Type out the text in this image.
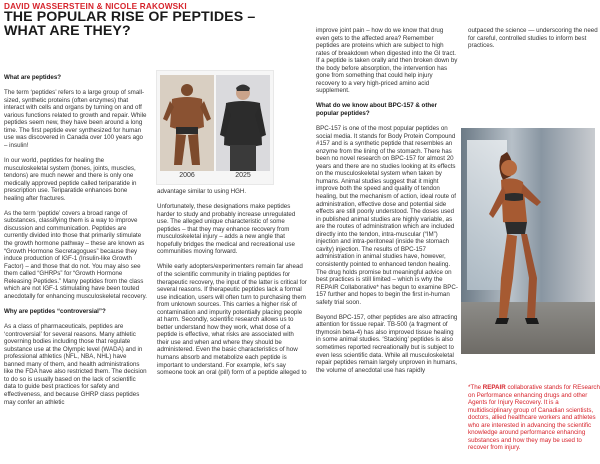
DAVID WASSERSTEIN & NICOLE RAKOWSKI
THE POPULAR RISE OF PEPTIDES –
WHAT ARE THEY?

What are peptides?

The term ‘peptides’ refers to a large group of small-sized, synthetic proteins (often enzymes) that interact with cells and organs by turning on and off various functions related to growth and repair. While peptides seem new, they have been around a long time. The first peptide ever synthesized for human use was discovered in Canada over 100 years ago – insulin!

In our world, peptides for healing the musculoskeletal system (bones, joints, muscles, tendons) are much newer and there is only one medically approved peptide called teriparatide in prescription use. Teriparatide enhances bone healing after fractures.

As the term ‘peptide’ covers a broad range of substances, classifying them is a way to improve discussion and communication. Peptides are currently divided into those that primarily stimulate the growth hormone pathway – these are known as “Growth Hormone Secretagogues” because they induce production of IGF-1 (Insulin-like Growth Factor) – and those that do not. You may also see them called “GHRPs” for “Growth Hormone Releasing Peptides.” Many peptides from the class which are not IGF-1 stimulating have been touted anecdotally for enhancing musculoskeletal recovery.

Why are peptides “controversial”?

As a class of pharmaceuticals, peptides are ‘controversial’ for several reasons. Many athletic governing bodies including those that regulate substance use at the Olympic level (WADA) and in professional athletics (NFL, NBA, NHL) have banned many of them, and health administrations like the FDA have also restricted them. The decision to do so is usually based on the lack of scientific data to guide best practices for safety and effectiveness, and because GHRP class peptides may confer an athletic

2006	2025

advantage similar to using HGH.

Unfortunately, these designations make peptides harder to study and probably increase unregulated use. The alleged unique characteristic of some peptides – that they may enhance recovery from musculoskeletal injury – adds a new angle that hopefully bridges the medical and recreational use communities moving forward.

While early adopters/experimenters remain far ahead of the scientific community in trialing peptides for therapeutic recovery, the input of the latter is critical for several reasons. If therapeutic peptides lack a formal use indication, users will often turn to purchasing them from unknown sources. This carries a higher risk of contamination and impurity potentially placing people at harm. Secondly, scientific research allows us to better understand how they work, what dose of a peptide is effective, what risks are associated with their use and when and where they should be administered. Even the basic characteristics of how humans absorb and metabolize each peptide is important to understand. For example, let’s say someone took an oral (pill) form of a peptide alleged to

improve joint pain – how do we know that drug even gets to the affected area? Remember peptides are proteins which are subject to high rates of breakdown when digested into the GI tract. If a peptide is taken orally and then broken down by the body before absorption, the intervention has gone from something that could help injury recovery to a very high-priced amino acid supplement.

What do we know about BPC-157 & other popular peptides?

BPC-157 is one of the most popular peptides on social media. It stands for Body Protein Compound #157 and is a synthetic peptide that resembles an enzyme from the lining of the stomach. There has been no novel research on BPC-157 for almost 20 years and there are no studies looking at its effects on the musculoskeletal system when taken by humans. Animal studies suggest that it might improve both the speed and quality of tendon healing, but the mechanism of action, ideal route of administration, effective dose and potential side effects are still poorly understood. The doses used in published animal studies are highly variable, as are the routes of administration which are included directly into the tendon, intra-muscular (“IM”) injection and intra-peritoneal (inside the stomach cavity) injection. The results of BPC-157 administration in animal studies have, however, consistently pointed to enhanced tendon healing. The drug holds promise but meaningful advice on best practices is still limited – which is why the REPAIR Collaborative* has begun to examine BPC-157 further and hopes to begin the first in-human safety trial soon.

Beyond BPC-157, other peptides are also attracting attention for tissue repair. TB-500 (a fragment of thymosin beta-4) has also improved tissue healing in some animal studies. ‘Stacking’ peptides is also sometimes reported recreationally but is subject to even less scientific data. While all musculoskeletal repair peptides remain largely unproven in humans, the volume of anecdotal use has rapidly

outpaced the science — underscoring the need for careful, controlled studies to inform best practices.

*The REPAIR collaborative stands for REsearch on Performance enhancing drugs and other Agents for Injury Recovery. It is a multidisciplinary group of Canadian scientists, doctors, allied healthcare workers and athletes who are interested in advancing the scientific knowledge around performance enhancing substances and how they may be used to recover from injury.
